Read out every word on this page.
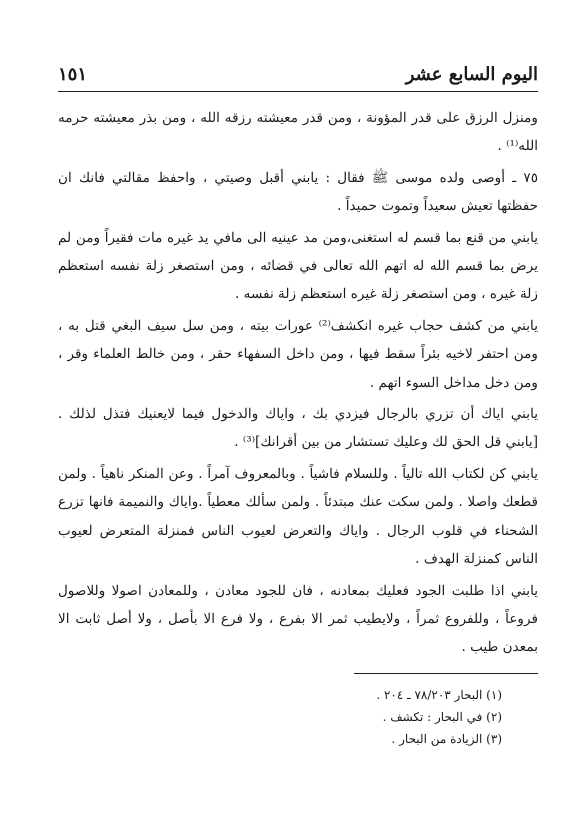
اليوم السابع عشر
١٥١

ومنزل الرزق على قدر المؤونة ، ومن قدر معيشته رزقه الله ، ومن بذر معيشته حرمه الله⁽¹⁾ .

٧٥ ـ أوصى ولده موسى ﷺ فقال : يابني أقبل وصيتي ، واحفظ مقالتي فانك ان حفظتها تعيش سعيداً وتموت حميداً .

يابني من قنع بما قسم له استغنى،ومن مد عينيه الى مافي يد غيره مات فقيراً ومن لم يرض بما قسم الله له اتهم الله تعالى في قضائه ، ومن استصغر زلة نفسه استعظم زلة غيره ، ومن استصغر زلة غيره استعظم زلة نفسه .

يابني من كشف حجاب غيره انكشف⁽²⁾ عورات بيته ، ومن سل سيف البغي قتل به ، ومن احتفر لاخيه بئراً سقط فيها ، ومن داخل السفهاء حقر ، ومن خالط العلماء وقر ، ومن دخل مداخل السوء اتهم .

يابني اياك أن تزري بالرجال فيزدي بك ، واياك والدخول فيما لايعنيك فتذل لذلك . [يابني قل الحق لك وعليك تستشار من بين أقرانك]⁽³⁾ .

يابني كن لكتاب الله تالياً . وللسلام فاشياً . وبالمعروف آمراً . وعن المنكر ناهياً . ولمن قطعك واصلا . ولمن سكت عنك مبتدئاً . ولمن سألك معطياً .واياك والنميمة فانها تزرع الشحناء في قلوب الرجال . واياك والتعرض لعيوب الناس فمنزلة المتعرض لعيوب الناس كمنزلة الهدف .

يابني اذا طلبت الجود فعليك بمعادنه ، فان للجود معادن ، وللمعادن اصولا وللاصول فروعاً ، وللفروع ثمراً ، ولايطيب ثمر الا بفرع ، ولا فرع الا بأصل ، ولا أصل ثابت الا بمعدن طيب .

(١) البحار ٧٨/٢٠٣ ـ ٢٠٤ .

(٢) في البحار : تكشف .

(٣) الزيادة من البحار .
